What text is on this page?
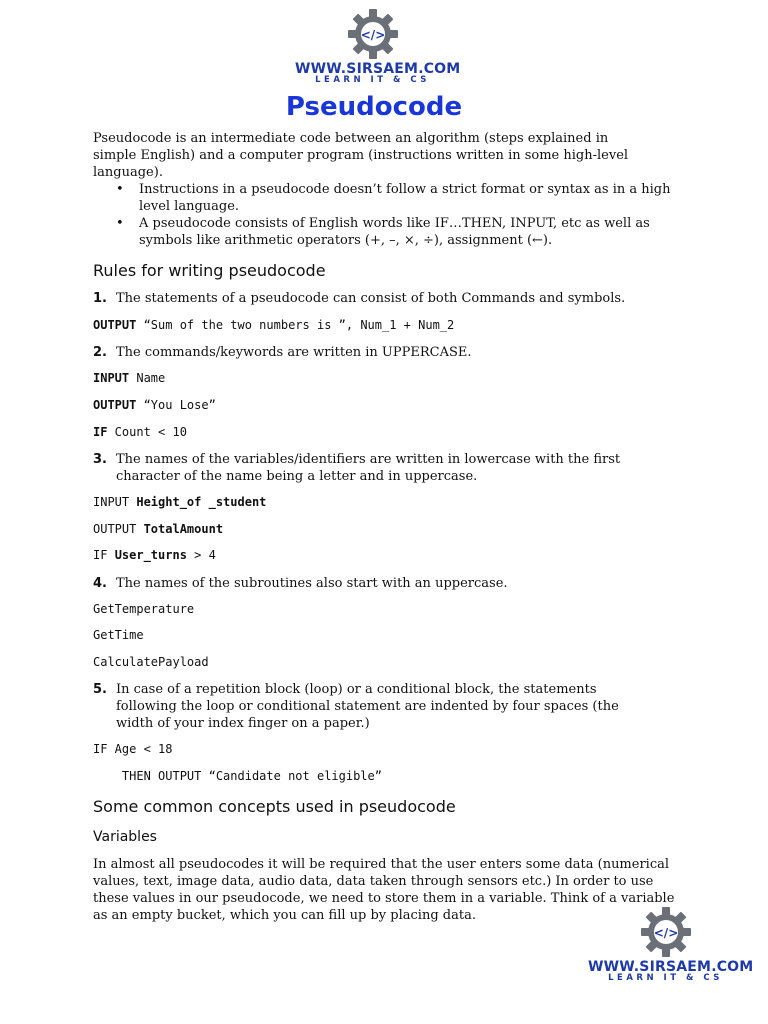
</>
WWW.SIRSAEM.COM
LEARN IT & CS
Pseudocode
Pseudocode is an intermediate code between an algorithm (steps explained in simple English) and a computer program (instructions written in some high-level language).
• Instructions in a pseudocode doesn’t follow a strict format or syntax as in a high level language.
• A pseudocode consists of English words like IF…THEN, INPUT, etc as well as symbols like arithmetic operators (+, –, ×, ÷), assignment (←).
Rules for writing pseudocode
1. The statements of a pseudocode can consist of both Commands and symbols.
OUTPUT “Sum of the two numbers is ”, Num_1 + Num_2
2. The commands/keywords are written in UPPERCASE.
INPUT Name
OUTPUT “You Lose”
IF Count < 10
3. The names of the variables/identifiers are written in lowercase with the first character of the name being a letter and in uppercase.
INPUT Height_of _student
OUTPUT TotalAmount
IF User_turns > 4
4. The names of the subroutines also start with an uppercase.
GetTemperature
GetTime
CalculatePayload
5. In case of a repetition block (loop) or a conditional block, the statements following the loop or conditional statement are indented by four spaces (the width of your index finger on a paper.)
IF Age < 18
THEN OUTPUT “Candidate not eligible”
Some common concepts used in pseudocode
Variables
In almost all pseudocodes it will be required that the user enters some data (numerical values, text, image data, audio data, data taken through sensors etc.) In order to use these values in our pseudocode, we need to store them in a variable. Think of a variable as an empty bucket, which you can fill up by placing data.
</>
WWW.SIRSAEM.COM
LEARN IT & CS
